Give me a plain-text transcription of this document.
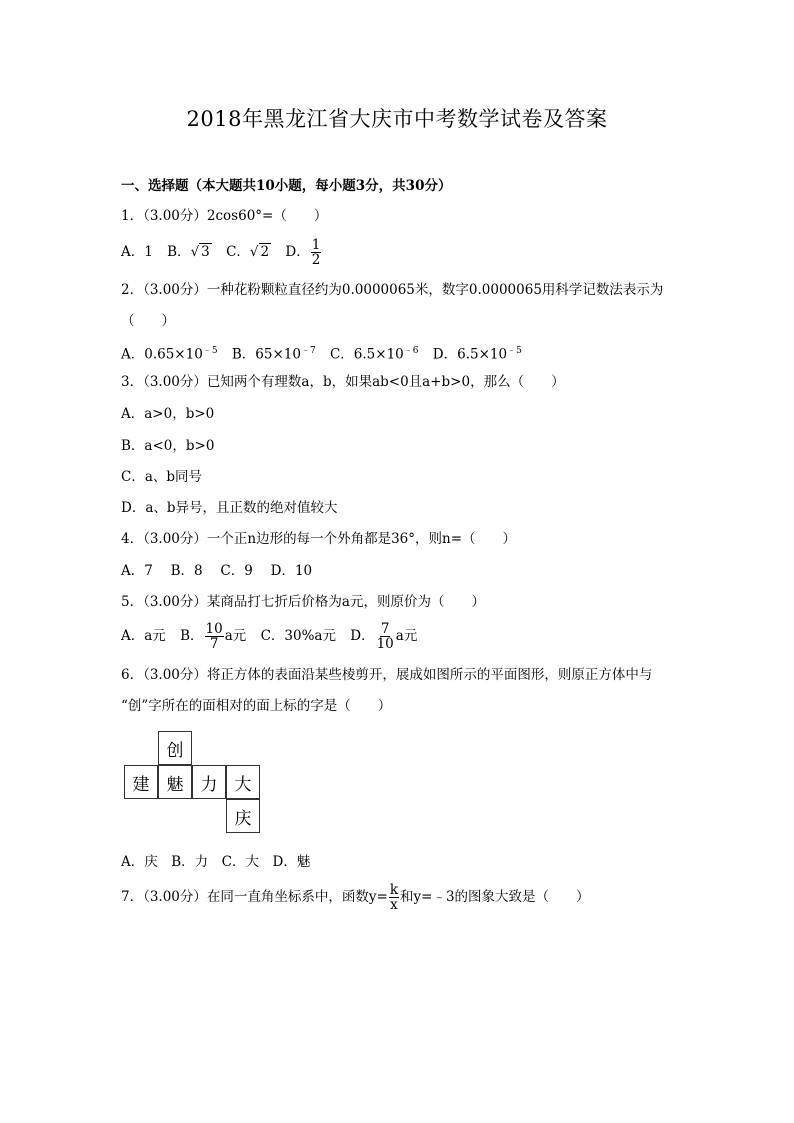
2018年黑龙江省大庆市中考数学试卷及答案
一、选择题（本大题共10小题，每小题3分，共30分）
1．（3.00分）2cos60°=（　　）
A．1 B．√ 3 C．√ 2 D． $\frac{1}{2}$
2．（3.00分）一种花粉颗粒直径约为0.0000065米，数字0.0000065用科学记数法表示为
（　　）
A．$0.65\times 10^{﹣5}$ B．$65\times 10^{﹣7}$ C．$6.5\times 10^{﹣6}$ D．$6.5\times 10^{﹣5}$
3．（3.00分）已知两个有理数a，b，如果ab<0且a+b>0，那么（　　）
A．a>0，b>0
B．a<0，b>0
C．a、b同号
D．a、b异号，且正数的绝对值较大
4．（3.00分）一个正n边形的每一个外角都是36°，则n=（　　）
A．7　 B．8　 C．9　 D．10
5．（3.00分）某商品打七折后价格为a元，则原价为（　　）
A．a元 B． $\frac{10}{7}$ a元 C．30%a元 D． $\frac{7}{10}$ a元
6．（3.00分）将正方体的表面沿某些棱剪开，展成如图所示的平面图形，则原正方体中与
“创”字所在的面相对的面上标的字是（　　）
创
建	魅	力	大
庆
A．庆　B．力　C．大　D．魅
7．（3.00分）在同一直角坐标系中，函数$y= \frac{k}{x}$ 和y=﹣3的图象大致是（　　）
